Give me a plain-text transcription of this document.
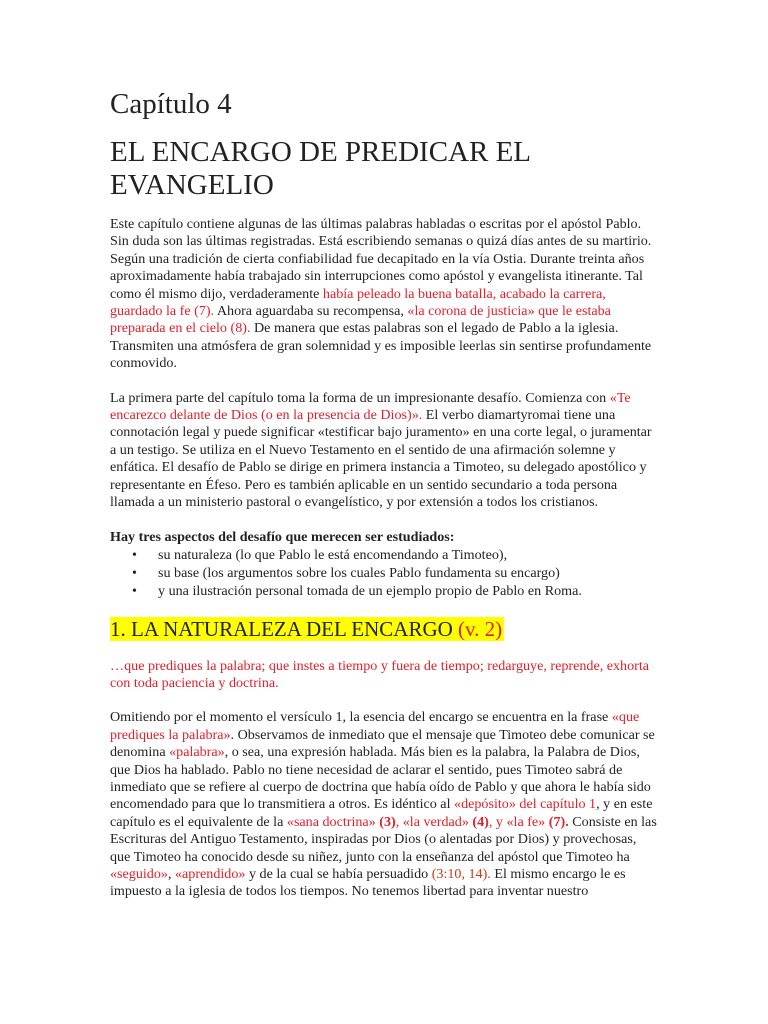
Capítulo 4
EL ENCARGO DE PREDICAR EL
EVANGELIO

Este capítulo contiene algunas de las últimas palabras habladas o escritas por el apóstol Pablo. Sin duda son las últimas registradas. Está escribiendo semanas o quizá días antes de su martirio. Según una tradición de cierta confiabilidad fue decapitado en la vía Ostia. Durante treinta años aproximadamente había trabajado sin interrupciones como apóstol y evangelista itinerante. Tal como él mismo dijo, verdaderamente había peleado la buena batalla, acabado la carrera, guardado la fe (7). Ahora aguardaba su recompensa, «la corona de justicia» que le estaba preparada en el cielo (8). De manera que estas palabras son el legado de Pablo a la iglesia. Transmiten una atmósfera de gran solemnidad y es imposible leerlas sin sentirse profundamente conmovido.

La primera parte del capítulo toma la forma de un impresionante desafío. Comienza con «Te encarezco delante de Dios (o en la presencia de Dios)». El verbo diamartyromai tiene una connotación legal y puede significar «testificar bajo juramento» en una corte legal, o juramentar a un testigo. Se utiliza en el Nuevo Testamento en el sentido de una afirmación solemne y enfática. El desafío de Pablo se dirige en primera instancia a Timoteo, su delegado apostólico y representante en Éfeso. Pero es también aplicable en un sentido secundario a toda persona llamada a un ministerio pastoral o evangelístico, y por extensión a todos los cristianos.

Hay tres aspectos del desafío que merecen ser estudiados:

• su naturaleza (lo que Pablo le está encomendando a Timoteo),
• su base (los argumentos sobre los cuales Pablo fundamenta su encargo)
• y una ilustración personal tomada de un ejemplo propio de Pablo en Roma.
1. LA NATURALEZA DEL ENCARGO (v. 2)

…que prediques la palabra; que instes a tiempo y fuera de tiempo; redarguye, reprende, exhorta con toda paciencia y doctrina.

Omitiendo por el momento el versículo 1, la esencia del encargo se encuentra en la frase «que prediques la palabra». Observamos de inmediato que el mensaje que Timoteo debe comunicar se denomina «palabra», o sea, una expresión hablada. Más bien es la palabra, la Palabra de Dios, que Dios ha hablado. Pablo no tiene necesidad de aclarar el sentido, pues Timoteo sabrá de inmediato que se refiere al cuerpo de doctrina que había oído de Pablo y que ahora le había sido encomendado para que lo transmitiera a otros. Es idéntico al «depósito» del capítulo 1, y en este capítulo es el equivalente de la «sana doctrina» (3), «la verdad» (4), y «la fe» (7). Consiste en las Escrituras del Antiguo Testamento, inspiradas por Dios (o alentadas por Dios) y provechosas, que Timoteo ha conocido desde su niñez, junto con la enseñanza del apóstol que Timoteo ha «seguido», «aprendido» y de la cual se había persuadido (3:10, 14). El mismo encargo le es impuesto a la iglesia de todos los tiempos. No tenemos libertad para inventar nuestro
